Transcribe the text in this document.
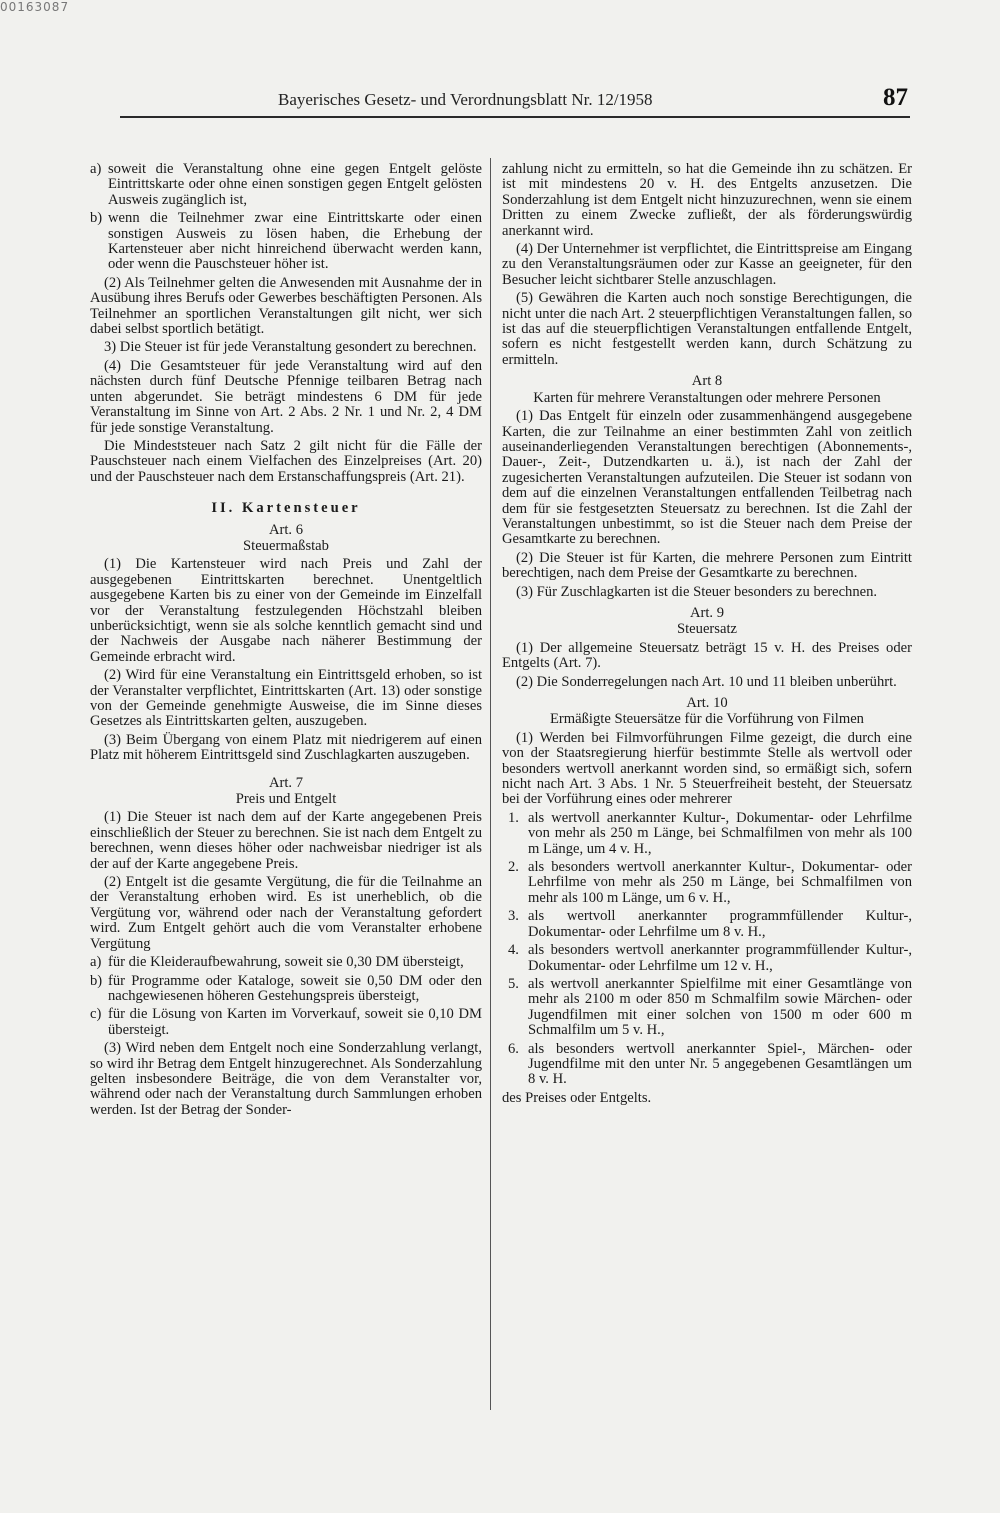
00163087
Bayerisches Gesetz- und Verordnungsblatt Nr. 12/1958	87
a) soweit die Veranstaltung ohne eine gegen Entgelt gelöste Eintrittskarte oder ohne einen sonstigen gegen Entgelt gelösten Ausweis zugänglich ist,
b) wenn die Teilnehmer zwar eine Eintrittskarte oder einen sonstigen Ausweis zu lösen haben, die Erhebung der Kartensteuer aber nicht hinreichend überwacht werden kann, oder wenn die Pauschsteuer höher ist.

(2) Als Teilnehmer gelten die Anwesenden mit Ausnahme der in Ausübung ihres Berufs oder Gewerbes beschäftigten Personen. Als Teilnehmer an sportlichen Veranstaltungen gilt nicht, wer sich dabei selbst sportlich betätigt.

3) Die Steuer ist für jede Veranstaltung gesondert zu berechnen.

(4) Die Gesamtsteuer für jede Veranstaltung wird auf den nächsten durch fünf Deutsche Pfennige teilbaren Betrag nach unten abgerundet. Sie beträgt mindestens 6 DM für jede Veranstaltung im Sinne von Art. 2 Abs. 2 Nr. 1 und Nr. 2, 4 DM für jede sonstige Veranstaltung.

Die Mindeststeuer nach Satz 2 gilt nicht für die Fälle der Pauschsteuer nach einem Vielfachen des Einzelpreises (Art. 20) und der Pauschsteuer nach dem Erstanschaffungspreis (Art. 21).

II. Kartensteuer
Art. 6
Steuermaßstab

(1) Die Kartensteuer wird nach Preis und Zahl der ausgegebenen Eintrittskarten berechnet. Unentgeltlich ausgegebene Karten bis zu einer von der Gemeinde im Einzelfall vor der Veranstaltung festzulegenden Höchstzahl bleiben unberücksichtigt, wenn sie als solche kenntlich gemacht sind und der Nachweis der Ausgabe nach näherer Bestimmung der Gemeinde erbracht wird.

(2) Wird für eine Veranstaltung ein Eintrittsgeld erhoben, so ist der Veranstalter verpflichtet, Eintrittskarten (Art. 13) oder sonstige von der Gemeinde genehmigte Ausweise, die im Sinne dieses Gesetzes als Eintrittskarten gelten, auszugeben.

(3) Beim Übergang von einem Platz mit niedrigerem auf einen Platz mit höherem Eintrittsgeld sind Zuschlagkarten auszugeben.

Art. 7
Preis und Entgelt

(1) Die Steuer ist nach dem auf der Karte angegebenen Preis einschließlich der Steuer zu berechnen. Sie ist nach dem Entgelt zu berechnen, wenn dieses höher oder nachweisbar niedriger ist als der auf der Karte angegebene Preis.

(2) Entgelt ist die gesamte Vergütung, die für die Teilnahme an der Veranstaltung erhoben wird. Es ist unerheblich, ob die Vergütung vor, während oder nach der Veranstaltung gefordert wird. Zum Entgelt gehört auch die vom Veranstalter erhobene Vergütung

a) für die Kleideraufbewahrung, soweit sie 0,30 DM übersteigt,
b) für Programme oder Kataloge, soweit sie 0,50 DM oder den nachgewiesenen höheren Gestehungspreis übersteigt,
c) für die Lösung von Karten im Vorverkauf, soweit sie 0,10 DM übersteigt.

(3) Wird neben dem Entgelt noch eine Sonderzahlung verlangt, so wird ihr Betrag dem Entgelt hinzugerechnet. Als Sonderzahlung gelten insbesondere Beiträge, die von dem Veranstalter vor, während oder nach der Veranstaltung durch Sammlungen erhoben werden. Ist der Betrag der Sonder-

zahlung nicht zu ermitteln, so hat die Gemeinde ihn zu schätzen. Er ist mit mindestens 20 v. H. des Entgelts anzusetzen. Die Sonderzahlung ist dem Entgelt nicht hinzuzurechnen, wenn sie einem Dritten zu einem Zwecke zufließt, der als förderungswürdig anerkannt wird.

(4) Der Unternehmer ist verpflichtet, die Eintrittspreise am Eingang zu den Veranstaltungsräumen oder zur Kasse an geeigneter, für den Besucher leicht sichtbarer Stelle anzuschlagen.

(5) Gewähren die Karten auch noch sonstige Berechtigungen, die nicht unter die nach Art. 2 steuerpflichtigen Veranstaltungen fallen, so ist das auf die steuerpflichtigen Veranstaltungen entfallende Entgelt, sofern es nicht festgestellt werden kann, durch Schätzung zu ermitteln.

Art 8
Karten für mehrere Veranstaltungen oder mehrere Personen

(1) Das Entgelt für einzeln oder zusammenhängend ausgegebene Karten, die zur Teilnahme an einer bestimmten Zahl von zeitlich auseinanderliegenden Veranstaltungen berechtigen (Abonnements-, Dauer-, Zeit-, Dutzendkarten u. ä.), ist nach der Zahl der zugesicherten Veranstaltungen aufzuteilen. Die Steuer ist sodann von dem auf die einzelnen Veranstaltungen entfallenden Teilbetrag nach dem für sie festgesetzten Steuersatz zu berechnen. Ist die Zahl der Veranstaltungen unbestimmt, so ist die Steuer nach dem Preise der Gesamtkarte zu berechnen.

(2) Die Steuer ist für Karten, die mehrere Personen zum Eintritt berechtigen, nach dem Preise der Gesamtkarte zu berechnen.

(3) Für Zuschlagkarten ist die Steuer besonders zu berechnen.

Art. 9
Steuersatz

(1) Der allgemeine Steuersatz beträgt 15 v. H. des Preises oder Entgelts (Art. 7).

(2) Die Sonderregelungen nach Art. 10 und 11 bleiben unberührt.

Art. 10
Ermäßigte Steuersätze für die Vorführung von Filmen

(1) Werden bei Filmvorführungen Filme gezeigt, die durch eine von der Staatsregierung hierfür bestimmte Stelle als wertvoll oder besonders wertvoll anerkannt worden sind, so ermäßigt sich, sofern nicht nach Art. 3 Abs. 1 Nr. 5 Steuerfreiheit besteht, der Steuersatz bei der Vorführung eines oder mehrerer

1. als wertvoll anerkannter Kultur-, Dokumentar- oder Lehrfilme von mehr als 250 m Länge, bei Schmalfilmen von mehr als 100 m Länge, um 4 v. H.,
2. als besonders wertvoll anerkannter Kultur-, Dokumentar- oder Lehrfilme von mehr als 250 m Länge, bei Schmalfilmen von mehr als 100 m Länge, um 6 v. H.,
3. als wertvoll anerkannter programmfüllender Kultur-, Dokumentar- oder Lehrfilme um 8 v. H.,
4. als besonders wertvoll anerkannter programmfüllender Kultur-, Dokumentar- oder Lehrfilme um 12 v. H.,
5. als wertvoll anerkannter Spielfilme mit einer Gesamtlänge von mehr als 2100 m oder 850 m Schmalfilm sowie Märchen- oder Jugendfilmen mit einer solchen von 1500 m oder 600 m Schmalfilm um 5 v. H.,
6. als besonders wertvoll anerkannter Spiel-, Märchen- oder Jugendfilme mit den unter Nr. 5 angegebenen Gesamtlängen um 8 v. H.

des Preises oder Entgelts.
